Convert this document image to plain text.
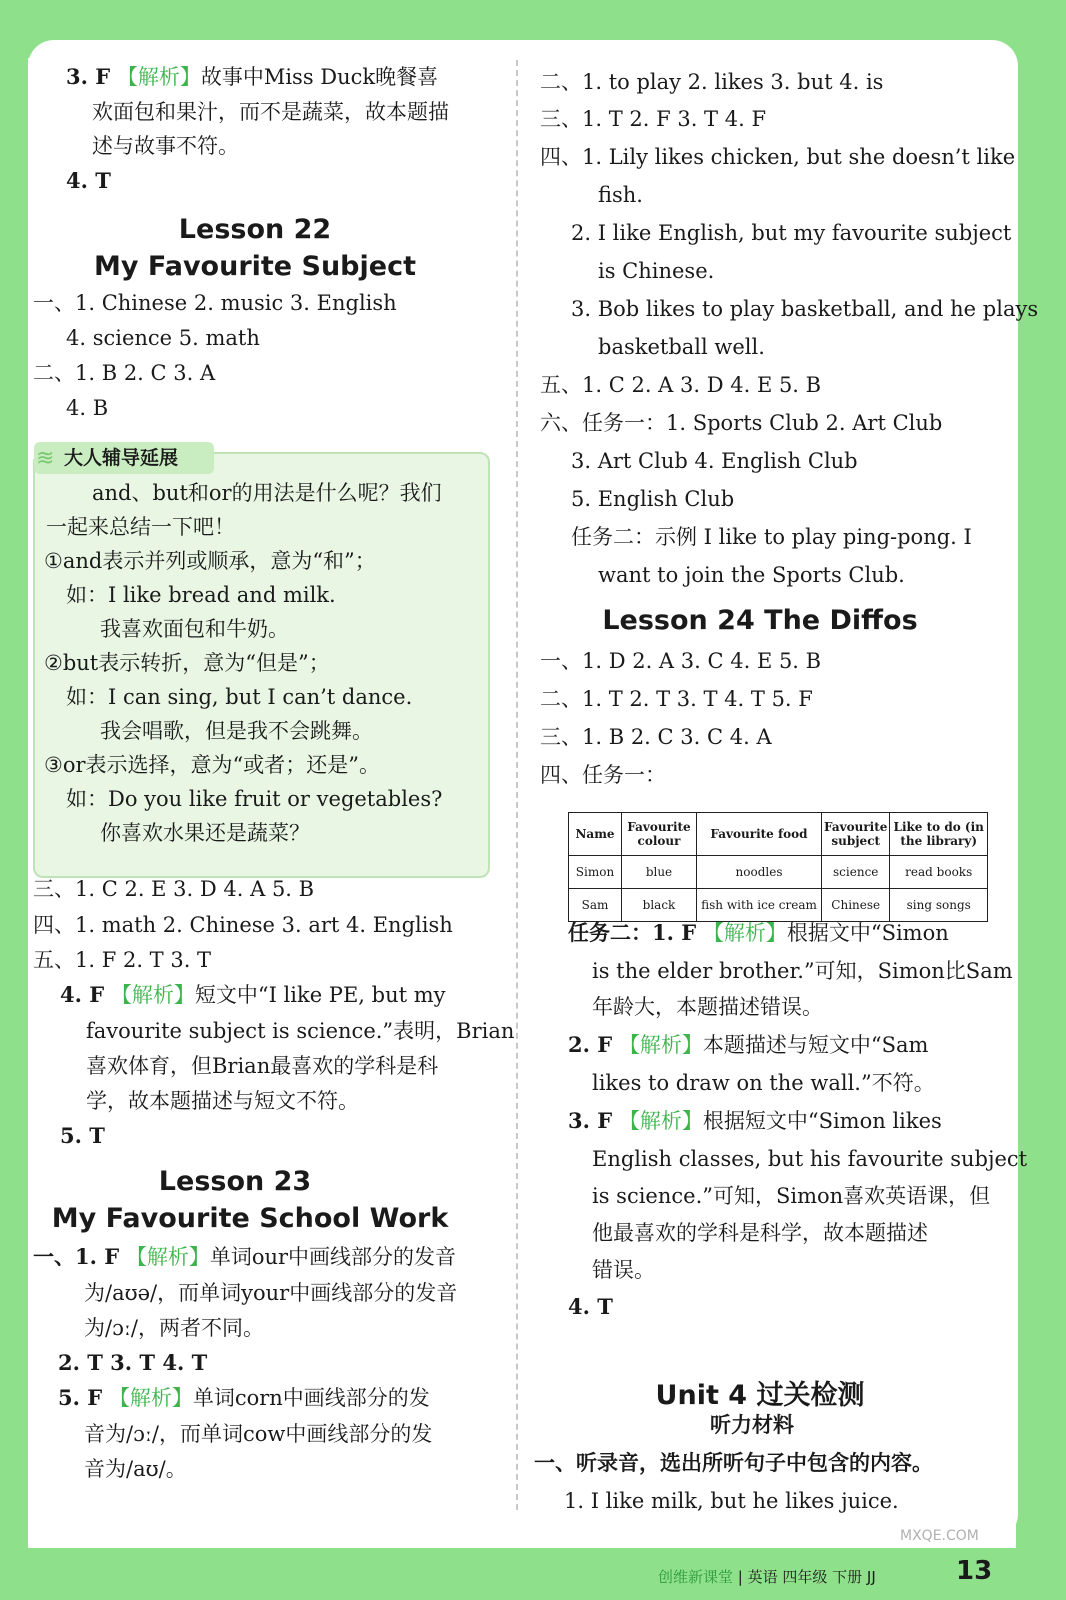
3. F 【解析】故事中Miss Duck晚餐喜
欢面包和果汁，而不是蔬菜，故本题描
述与故事不符。
4. T
Lesson 22
My Favourite Subject
一、1. Chinese 2. music 3. English
4. science 5. math
二、1. B 2. C 3. A
4. B
≋ 大人辅导延展
and、but和or的用法是什么呢？我们
一起来总结一下吧！
①and表示并列或顺承，意为“和”；
如：I like bread and milk.
我喜欢面包和牛奶。
②but表示转折，意为“但是”；
如：I can sing, but I can’t dance.
我会唱歌，但是我不会跳舞。
③or表示选择，意为“或者；还是”。
如：Do you like fruit or vegetables?
你喜欢水果还是蔬菜？
三、1. C 2. E 3. D 4. A 5. B
四、1. math 2. Chinese 3. art 4. English
五、1. F 2. T 3. T
4. F 【解析】短文中“I like PE, but my
favourite subject is science.”表明，Brian
喜欢体育，但Brian最喜欢的学科是科
学，故本题描述与短文不符。
5. T
Lesson 23
My Favourite School Work
一、1. F 【解析】单词our中画线部分的发音
为/aʊə/，而单词your中画线部分的发音
为/ɔː/，两者不同。
2. T 3. T 4. T
5. F 【解析】单词corn中画线部分的发
音为/ɔː/，而单词cow中画线部分的发
音为/aʊ/。
二、1. to play 2. likes 3. but 4. is
三、1. T 2. F 3. T 4. F
四、1. Lily likes chicken, but she doesn’t like
fish.
2. I like English, but my favourite subject
is Chinese.
3. Bob likes to play basketball, and he plays
basketball well.
五、1. C 2. A 3. D 4. E 5. B
六、任务一：1. Sports Club 2. Art Club
3. Art Club 4. English Club
5. English Club
任务二：示例 I like to play ping-pong. I
want to join the Sports Club.
Lesson 24 The Diffos
一、1. D 2. A 3. C 4. E 5. B
二、1. T 2. T 3. T 4. T 5. F
三、1. B 2. C 3. C 4. A
四、任务一：
Name	Favourite colour	Favourite food	Favourite subject	Like to do (in the library)
Simon	blue	noodles	science	read books
Sam	black	fish with ice cream	Chinese	sing songs
任务二：1. F 【解析】根据文中“Simon
is the elder brother.”可知，Simon比Sam
年龄大，本题描述错误。
2. F 【解析】本题描述与短文中“Sam
likes to draw on the wall.”不符。
3. F 【解析】根据短文中“Simon likes
English classes, but his favourite subject
is science.”可知，Simon喜欢英语课，但
他最喜欢的学科是科学，故本题描述
错误。
4. T
Unit 4 过关检测
听力材料
一、听录音，选出所听句子中包含的内容。
1. I like milk, but he likes juice.
MXQE.COM
创维新课堂 | 英语 四年级 下册 JJ	13
